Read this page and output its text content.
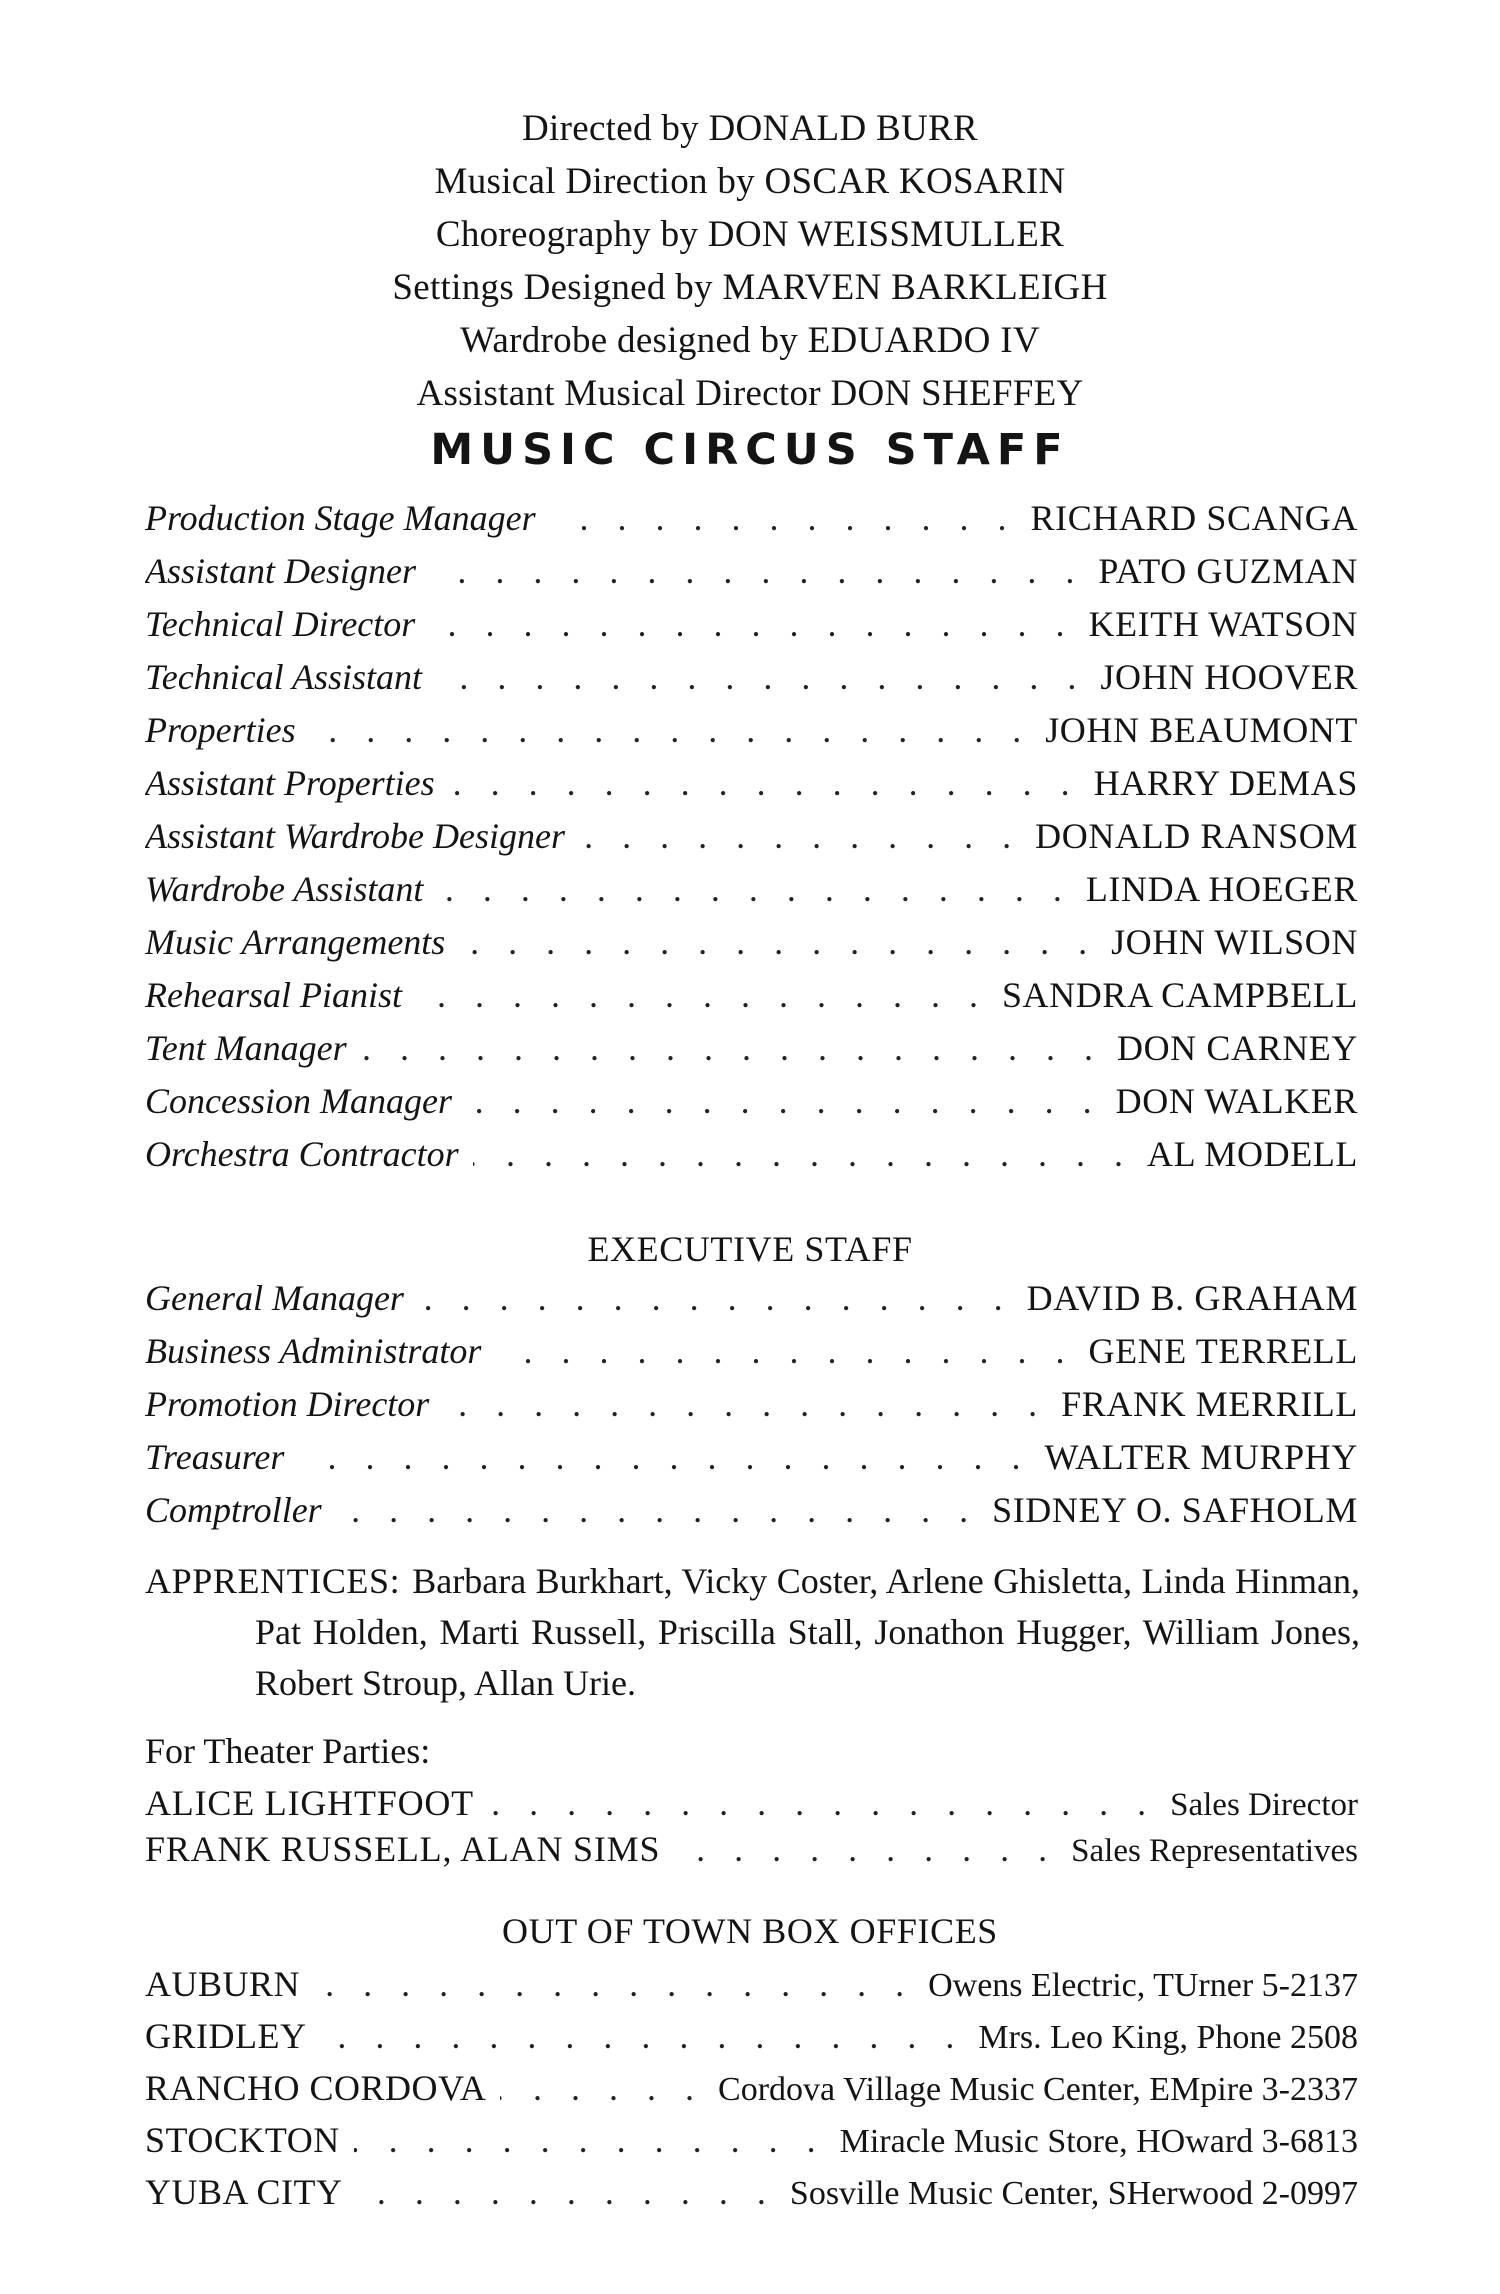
Directed by DONALD BURR
Musical Direction by OSCAR KOSARIN
Choreography by DON WEISSMULLER
Settings Designed by MARVEN BARKLEIGH
Wardrobe designed by EDUARDO IV
Assistant Musical Director DON SHEFFEY
MUSIC CIRCUS STAFF
Production Stage Manager . . .	RICHARD SCANGA
Assistant Designer . . .	PATO GUZMAN
Technical Director . . .	KEITH WATSON
Technical Assistant . . .	JOHN HOOVER
Properties . . .	JOHN BEAUMONT
Assistant Properties . . .	HARRY DEMAS
Assistant Wardrobe Designer . . .	DONALD RANSOM
Wardrobe Assistant . . .	LINDA HOEGER
Music Arrangements . . .	JOHN WILSON
Rehearsal Pianist . . .	SANDRA CAMPBELL
Tent Manager . . .	DON CARNEY
Concession Manager . . .	DON WALKER
Orchestra Contractor . . .	AL MODELL
EXECUTIVE STAFF
General Manager . . .	DAVID B. GRAHAM
Business Administrator . . .	GENE TERRELL
Promotion Director . . .	FRANK MERRILL
Treasurer . . .	WALTER MURPHY
Comptroller . . .	SIDNEY O. SAFHOLM
APPRENTICES: Barbara Burkhart, Vicky Coster, Arlene Ghisletta, Linda Hinman, Pat Holden, Marti Russell, Priscilla Stall, Jonathon Hugger, William Jones, Robert Stroup, Allan Urie.
For Theater Parties:
ALICE LIGHTFOOT . . .	Sales Director
FRANK RUSSELL, ALAN SIMS . . .	Sales Representatives
OUT OF TOWN BOX OFFICES
AUBURN . . .	Owens Electric, TUrner 5-2137
GRIDLEY . . .	Mrs. Leo King, Phone 2508
RANCHO CORDOVA . . .	Cordova Village Music Center, EMpire 3-2337
STOCKTON . . .	Miracle Music Store, HOward 3-6813
YUBA CITY . . .	Sosville Music Center, SHerwood 2-0997
